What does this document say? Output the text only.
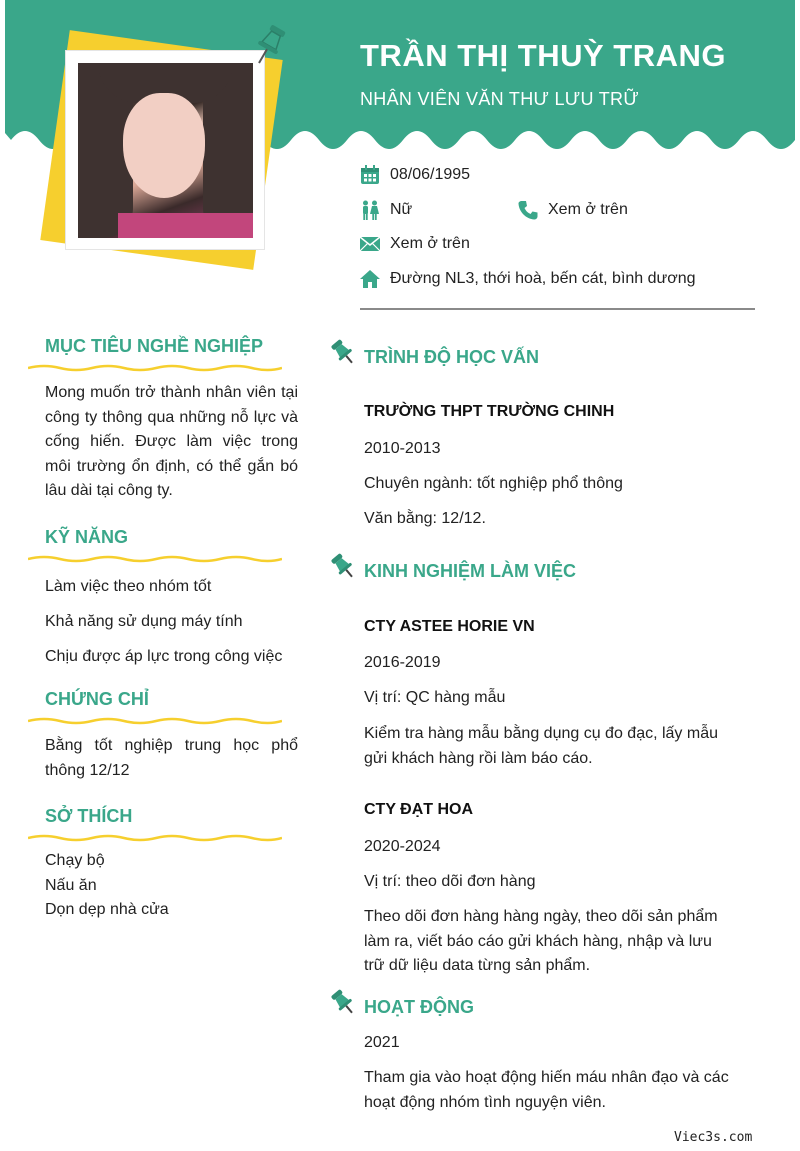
TRẦN THỊ THUỲ TRANG
NHÂN VIÊN VĂN THƯ LƯU TRỮ
08/06/1995
Nữ	Xem ở trên
Xem ở trên
Đường NL3, thới hoà, bến cát, bình dương
MỤC TIÊU NGHỀ NGHIỆP
Mong muốn trở thành nhân viên tại công ty thông qua những nỗ lực và cống hiến. Được làm việc trong môi trường ổn định, có thể gắn bó lâu dài tại công ty.
KỸ NĂNG
Làm việc theo nhóm tốt
Khả năng sử dụng máy tính
Chịu được áp lực trong công việc
CHỨNG CHỈ
Bằng tốt nghiệp trung học phổ thông 12/12
SỞ THÍCH
Chạy bộ
Nấu ăn
Dọn dẹp nhà cửa
TRÌNH ĐỘ HỌC VẤN
TRƯỜNG THPT TRƯỜNG CHINH
2010-2013
Chuyên ngành: tốt nghiệp phổ thông
Văn bằng: 12/12.
KINH NGHIỆM LÀM VIỆC
CTY ASTEE HORIE VN
2016-2019
Vị trí: QC hàng mẫu
Kiểm tra hàng mẫu bằng dụng cụ đo đạc, lấy mẫu gửi khách hàng rồi làm báo cáo.
CTY ĐẠT HOA
2020-2024
Vị trí: theo dõi đơn hàng
Theo dõi đơn hàng hàng ngày, theo dõi sản phẩm làm ra, viết báo cáo gửi khách hàng, nhập và lưu trữ dữ liệu data từng sản phẩm.
HOẠT ĐỘNG
2021
Tham gia vào hoạt động hiến máu nhân đạo và các hoạt động nhóm tình nguyện viên.
Viec3s.com
